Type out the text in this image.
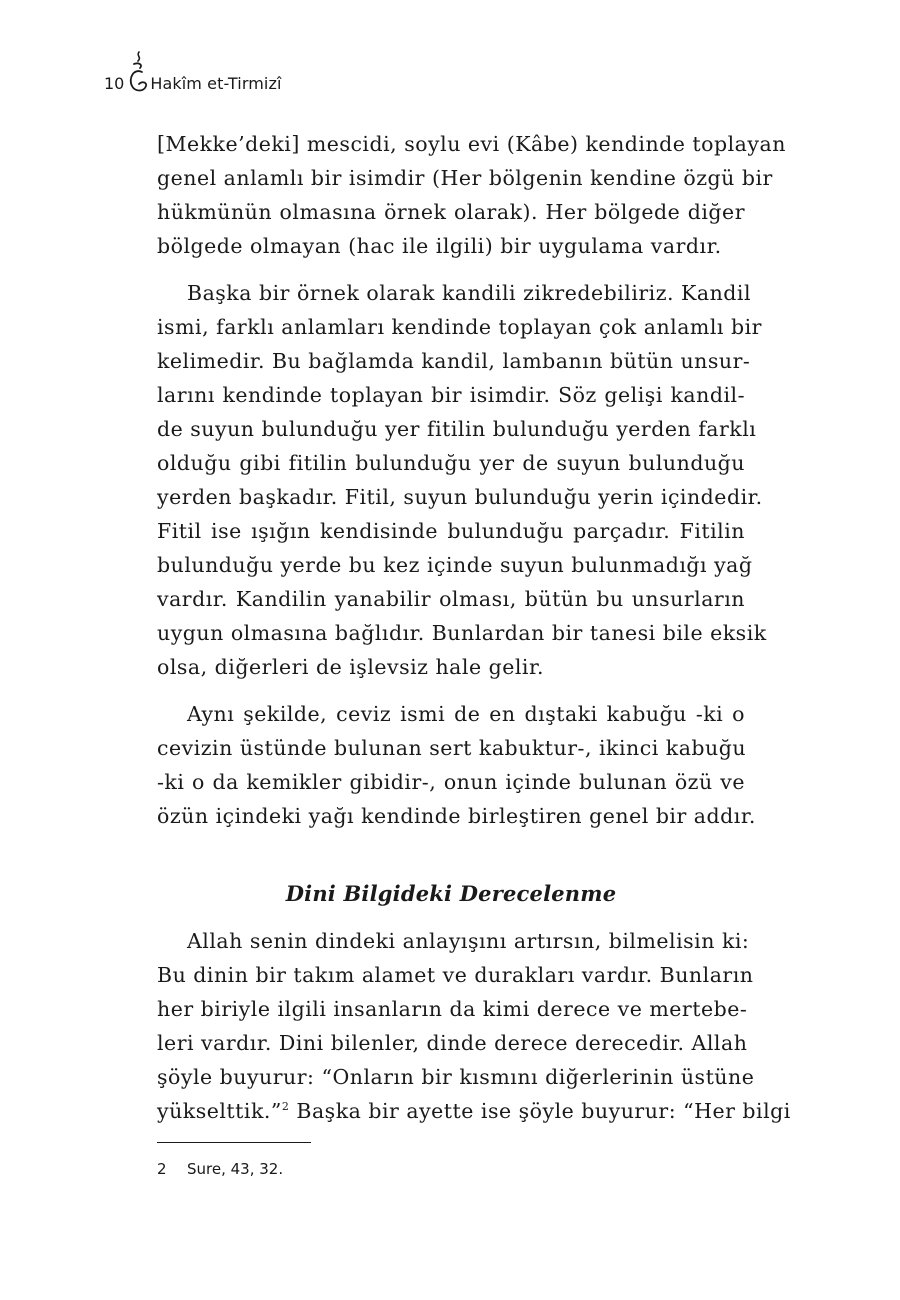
10 Hakîm et-Tirmizî

[Mekke’deki] mescidi, soylu evi (Kâbe) kendinde toplayan
genel anlamlı bir isimdir (Her bölgenin kendine özgü bir
hükmünün olmasına örnek olarak). Her bölgede diğer
bölgede olmayan (hac ile ilgili) bir uygulama vardır.

Başka bir örnek olarak kandili zikredebiliriz. Kandil
ismi, farklı anlamları kendinde toplayan çok anlamlı bir
kelimedir. Bu bağlamda kandil, lambanın bütün unsur-
larını kendinde toplayan bir isimdir. Söz gelişi kandil-
de suyun bulunduğu yer fitilin bulunduğu yerden farklı
olduğu gibi fitilin bulunduğu yer de suyun bulunduğu
yerden başkadır. Fitil, suyun bulunduğu yerin içindedir.
Fitil ise ışığın kendisinde bulunduğu parçadır. Fitilin
bulunduğu yerde bu kez içinde suyun bulunmadığı yağ
vardır. Kandilin yanabilir olması, bütün bu unsurların
uygun olmasına bağlıdır. Bunlardan bir tanesi bile eksik
olsa, diğerleri de işlevsiz hale gelir.

Aynı şekilde, ceviz ismi de en dıştaki kabuğu -ki o
cevizin üstünde bulunan sert kabuktur-, ikinci kabuğu
-ki o da kemikler gibidir-, onun içinde bulunan özü ve
özün içindeki yağı kendinde birleştiren genel bir addır.

Dini Bilgideki Derecelenme

Allah senin dindeki anlayışını artırsın, bilmelisin ki:
Bu dinin bir takım alamet ve durakları vardır. Bunların
her biriyle ilgili insanların da kimi derece ve mertebe-
leri vardır. Dini bilenler, dinde derece derecedir. Allah
şöyle buyurur: “Onların bir kısmını diğerlerinin üstüne
yükselttik.”$^2$ Başka bir ayette ise şöyle buyurur: “Her bilgi

2	Sure, 43, 32.
